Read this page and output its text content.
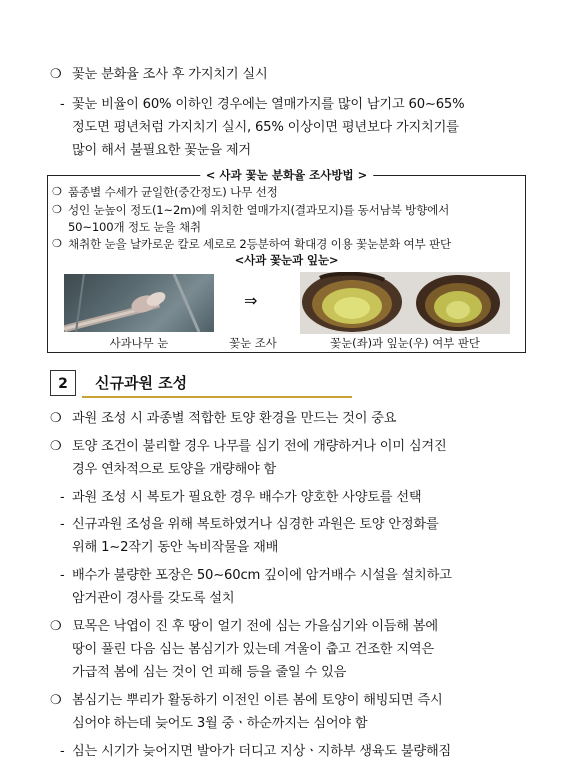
❍ 꽃눈 분화율 조사 후 가지치기 실시
- 꽃눈 비율이 60% 이하인 경우에는 열매가지를 많이 남기고 60∼65%
정도면 평년처럼 가지치기 실시, 65% 이상이면 평년보다 가지치기를
많이 해서 불필요한 꽃눈을 제거
< 사과 꽃눈 분화율 조사방법 >
❍ 품종별 수세가 균일한(중간정도) 나무 선정
❍ 성인 눈높이 정도(1~2m)에 위치한 열매가지(결과모지)를 동서남북 방향에서
50~100개 정도 눈을 채취
❍ 채취한 눈을 날카로운 칼로 세로로 2등분하여 확대경 이용 꽃눈분화 여부 판단
<사과 꽃눈과 잎눈>
⇒
사과나무 눈	꽃눈 조사	꽃눈(좌)과 잎눈(우) 여부 판단
2	신규과원 조성
❍ 과원 조성 시 과종별 적합한 토양 환경을 만드는 것이 중요
❍ 토양 조건이 불리할 경우 나무를 심기 전에 개량하거나 이미 심겨진
경우 연차적으로 토양을 개량해야 함
- 과원 조성 시 복토가 필요한 경우 배수가 양호한 사양토를 선택
- 신규과원 조성을 위해 복토하였거나 심경한 과원은 토양 안정화를
위해 1∼2작기 동안 녹비작물을 재배
- 배수가 불량한 포장은 50∼60cm 깊이에 암거배수 시설을 설치하고
암거관이 경사를 갖도록 설치
❍ 묘목은 낙엽이 진 후 땅이 얼기 전에 심는 가을심기와 이듬해 봄에
땅이 풀린 다음 심는 봄심기가 있는데 겨울이 춥고 건조한 지역은
가급적 봄에 심는 것이 언 피해 등을 줄일 수 있음
❍ 봄심기는 뿌리가 활동하기 이전인 이른 봄에 토양이 해빙되면 즉시
심어야 하는데 늦어도 3월 중ㆍ하순까지는 심어야 함
- 심는 시기가 늦어지면 발아가 더디고 지상ㆍ지하부 생육도 불량해짐
